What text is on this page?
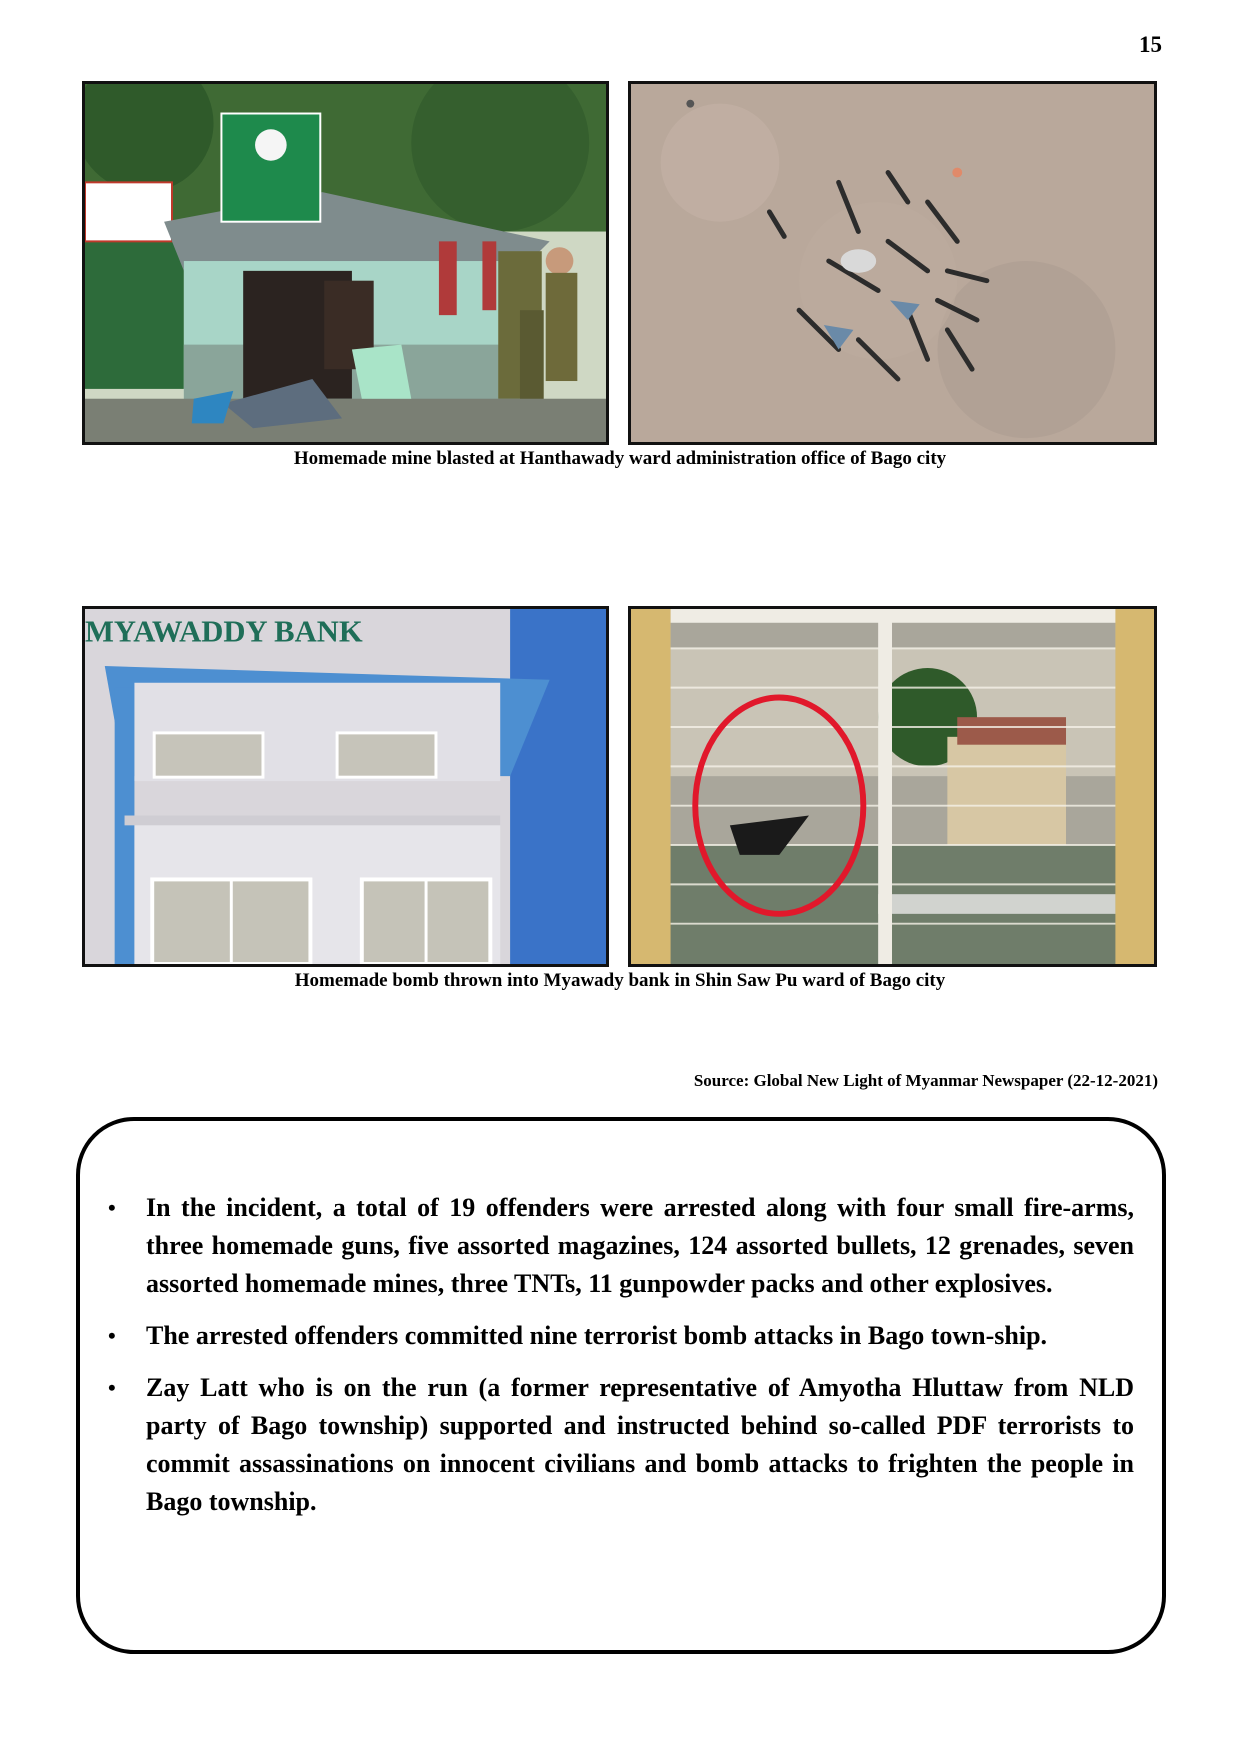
15
Homemade mine blasted at Hanthawady ward administration office of Bago city
MYAWADDY BANK
Homemade bomb thrown into Myawady bank in Shin Saw Pu ward of Bago city
Source: Global New Light of Myanmar Newspaper (22-12-2021)
• In the incident, a total of 19 offenders were arrested along with four small fire-arms, three homemade guns, five assorted magazines, 124 assorted bullets, 12 grenades, seven assorted homemade mines, three TNTs, 11 gunpowder packs and other explosives.
• The arrested offenders committed nine terrorist bomb attacks in Bago town-ship.
• Zay Latt who is on the run (a former representative of Amyotha Hluttaw from NLD party of Bago township) supported and instructed behind so-called PDF terrorists to commit assassinations on innocent civilians and bomb attacks to frighten the people in Bago township.
